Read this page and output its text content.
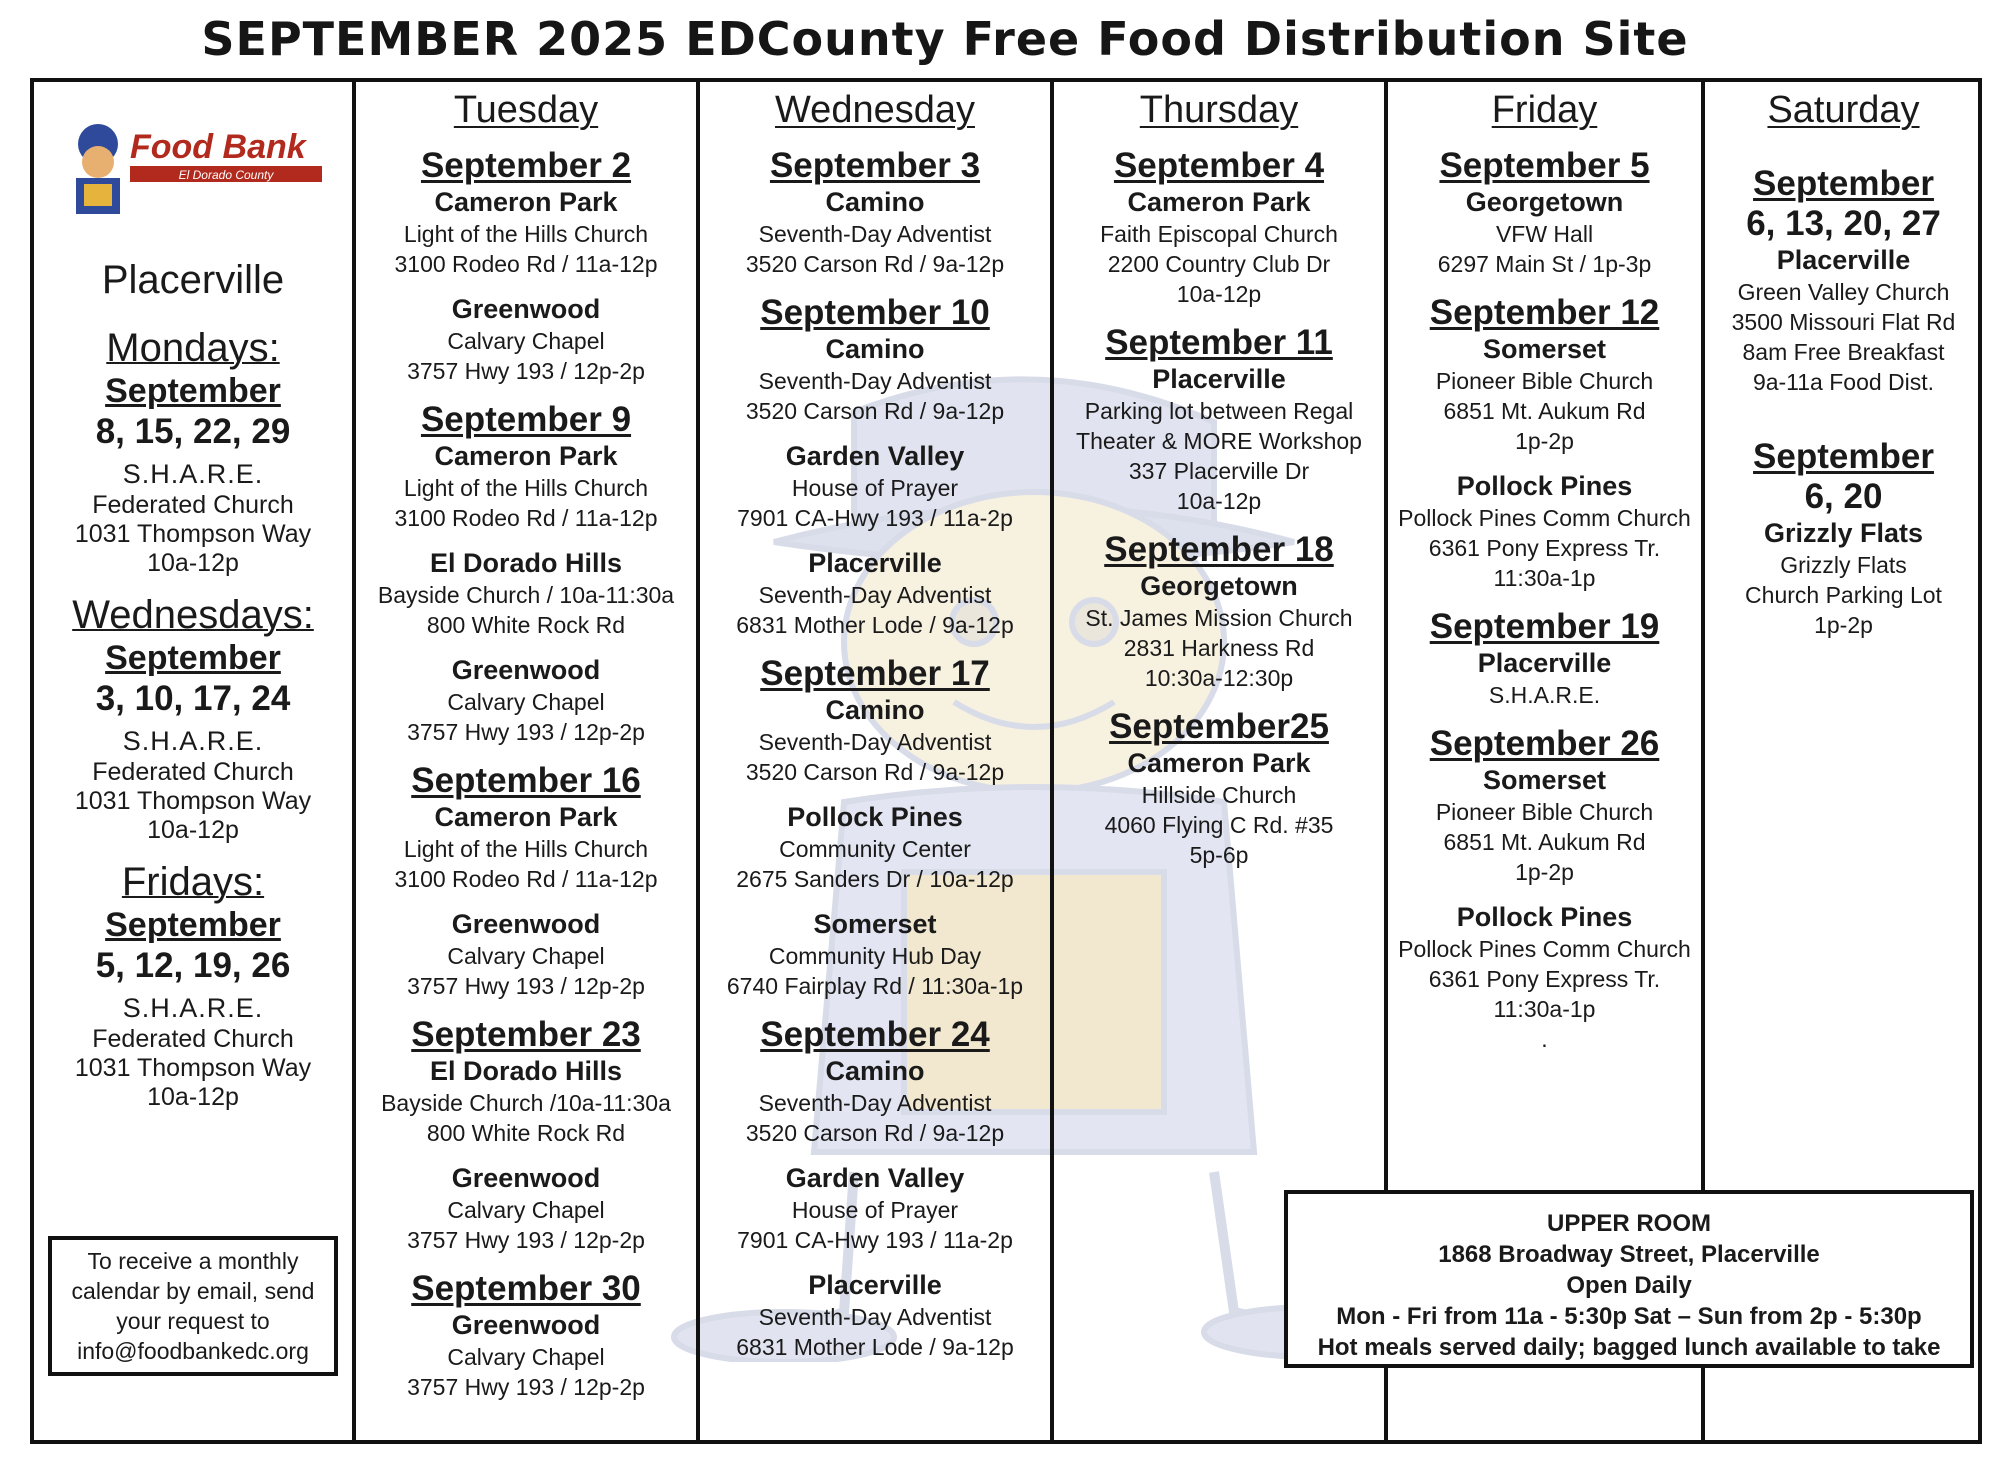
SEPTEMBER 2025 EDCounty Free Food Distribution Site
Food Bank
El Dorado County
Placerville
Mondays:
September
8, 15, 22, 29
S.H.A.R.E.
Federated Church
1031 Thompson Way
10a-12p
Wednesdays:
September
3, 10, 17, 24
S.H.A.R.E.
Federated Church
1031 Thompson Way
10a-12p
Fridays:
September
5, 12, 19, 26
S.H.A.R.E.
Federated Church
1031 Thompson Way
10a-12p
To receive a monthly
calendar by email, send
your request to
info@foodbankedc.org
Tuesday
September 2
Cameron Park
Light of the Hills Church
3100 Rodeo Rd / 11a-12p
Greenwood
Calvary Chapel
3757 Hwy 193 / 12p-2p
September 9
Cameron Park
Light of the Hills Church
3100 Rodeo Rd / 11a-12p
El Dorado Hills
Bayside Church / 10a-11:30a
800 White Rock Rd
Greenwood
Calvary Chapel
3757 Hwy 193 / 12p-2p
September 16
Cameron Park
Light of the Hills Church
3100 Rodeo Rd / 11a-12p
Greenwood
Calvary Chapel
3757 Hwy 193 / 12p-2p
September 23
El Dorado Hills
Bayside Church /10a-11:30a
800 White Rock Rd
Greenwood
Calvary Chapel
3757 Hwy 193 / 12p-2p
September 30
Greenwood
Calvary Chapel
3757 Hwy 193 / 12p-2p
Wednesday
September 3
Camino
Seventh-Day Adventist
3520 Carson Rd / 9a-12p
September 10
Camino
Seventh-Day Adventist
3520 Carson Rd / 9a-12p
Garden Valley
House of Prayer
7901 CA-Hwy 193 / 11a-2p
Placerville
Seventh-Day Adventist
6831 Mother Lode / 9a-12p
September 17
Camino
Seventh-Day Adventist
3520 Carson Rd / 9a-12p
Pollock Pines
Community Center
2675 Sanders Dr / 10a-12p
Somerset
Community Hub Day
6740 Fairplay Rd / 11:30a-1p
September 24
Camino
Seventh-Day Adventist
3520 Carson Rd / 9a-12p
Garden Valley
House of Prayer
7901 CA-Hwy 193 / 11a-2p
Placerville
Seventh-Day Adventist
6831 Mother Lode / 9a-12p
Thursday
September 4
Cameron Park
Faith Episcopal Church
2200 Country Club Dr
10a-12p
September 11
Placerville
Parking lot between Regal
Theater & MORE Workshop
337 Placerville Dr
10a-12p
September 18
Georgetown
St. James Mission Church
2831 Harkness Rd
10:30a-12:30p
September25
Cameron Park
Hillside Church
4060 Flying C Rd. #35
5p-6p
Friday
September 5
Georgetown
VFW Hall
6297 Main St / 1p-3p
September 12
Somerset
Pioneer Bible Church
6851 Mt. Aukum Rd
1p-2p
Pollock Pines
Pollock Pines Comm Church
6361 Pony Express Tr.
11:30a-1p
September 19
Placerville
S.H.A.R.E.
September 26
Somerset
Pioneer Bible Church
6851 Mt. Aukum Rd
1p-2p
Pollock Pines
Pollock Pines Comm Church
6361 Pony Express Tr.
11:30a-1p
.
Saturday
September
6, 13, 20, 27
Placerville
Green Valley Church
3500 Missouri Flat Rd
8am Free Breakfast
9a-11a Food Dist.
September
6, 20
Grizzly Flats
Grizzly Flats
Church Parking Lot
1p-2p
UPPER ROOM
1868 Broadway Street, Placerville
Open Daily
Mon - Fri from 11a - 5:30p Sat – Sun from 2p - 5:30p
Hot meals served daily; bagged lunch available to take
